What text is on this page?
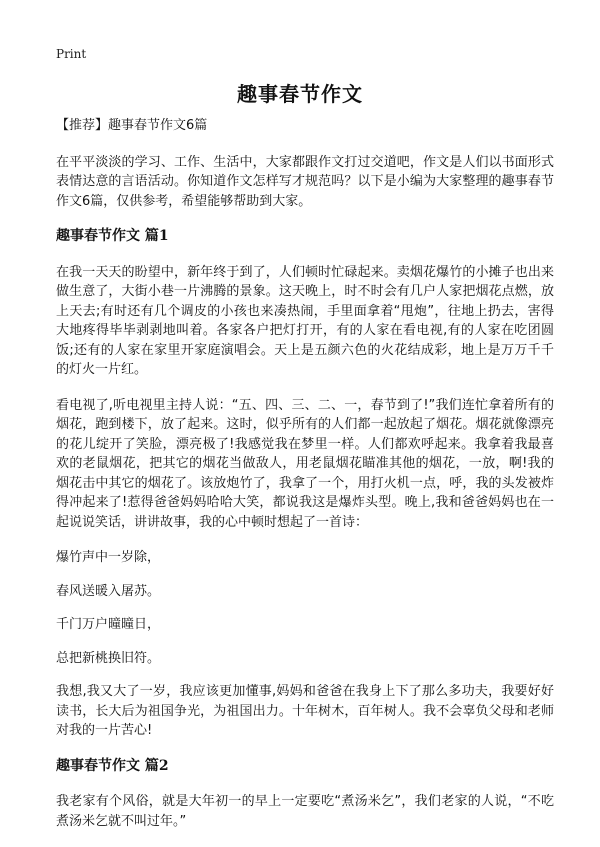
Print
趣事春节作文

【推荐】趣事春节作文6篇

在平平淡淡的学习、工作、生活中，大家都跟作文打过交道吧，作文是人们以书面形式表情达意的言语活动。你知道作文怎样写才规范吗？以下是小编为大家整理的趣事春节作文6篇，仅供参考，希望能够帮助到大家。

趣事春节作文 篇1

在我一天天的盼望中，新年终于到了，人们顿时忙碌起来。卖烟花爆竹的小摊子也出来做生意了，大街小巷一片沸腾的景象。这天晚上，时不时会有几户人家把烟花点燃，放上天去;有时还有几个调皮的小孩也来凑热闹，手里面拿着“甩炮”，往地上扔去，害得大地疼得毕毕剥剥地叫着。各家各户把灯打开，有的人家在看电视,有的人家在吃团圆饭;还有的人家在家里开家庭演唱会。天上是五颜六色的火花结成彩，地上是万万千千的灯火一片红。

看电视了,听电视里主持人说：“五、四、三、二、一，春节到了!”我们连忙拿着所有的烟花，跑到楼下，放了起来。这时，似乎所有的人们都一起放起了烟花。烟花就像漂亮的花儿绽开了笑脸，漂亮极了!我感觉我在梦里一样。人们都欢呼起来。我拿着我最喜欢的老鼠烟花，把其它的烟花当做敌人，用老鼠烟花瞄准其他的烟花，一放，啊!我的烟花击中其它的烟花了。该放炮竹了，我拿了一个，用打火机一点，呼，我的头发被炸得冲起来了!惹得爸爸妈妈哈哈大笑，都说我这是爆炸头型。晚上,我和爸爸妈妈也在一起说说笑话，讲讲故事，我的心中顿时想起了一首诗：

爆竹声中一岁除，

春风送暖入屠苏。

千门万户曈曈日，

总把新桃换旧符。

我想,我又大了一岁，我应该更加懂事,妈妈和爸爸在我身上下了那么多功夫，我要好好读书，长大后为祖国争光，为祖国出力。十年树木，百年树人。我不会辜负父母和老师对我的一片苦心!

趣事春节作文 篇2

我老家有个风俗，就是大年初一的早上一定要吃“煮汤米乞”，我们老家的人说，“不吃煮汤米乞就不叫过年。”
